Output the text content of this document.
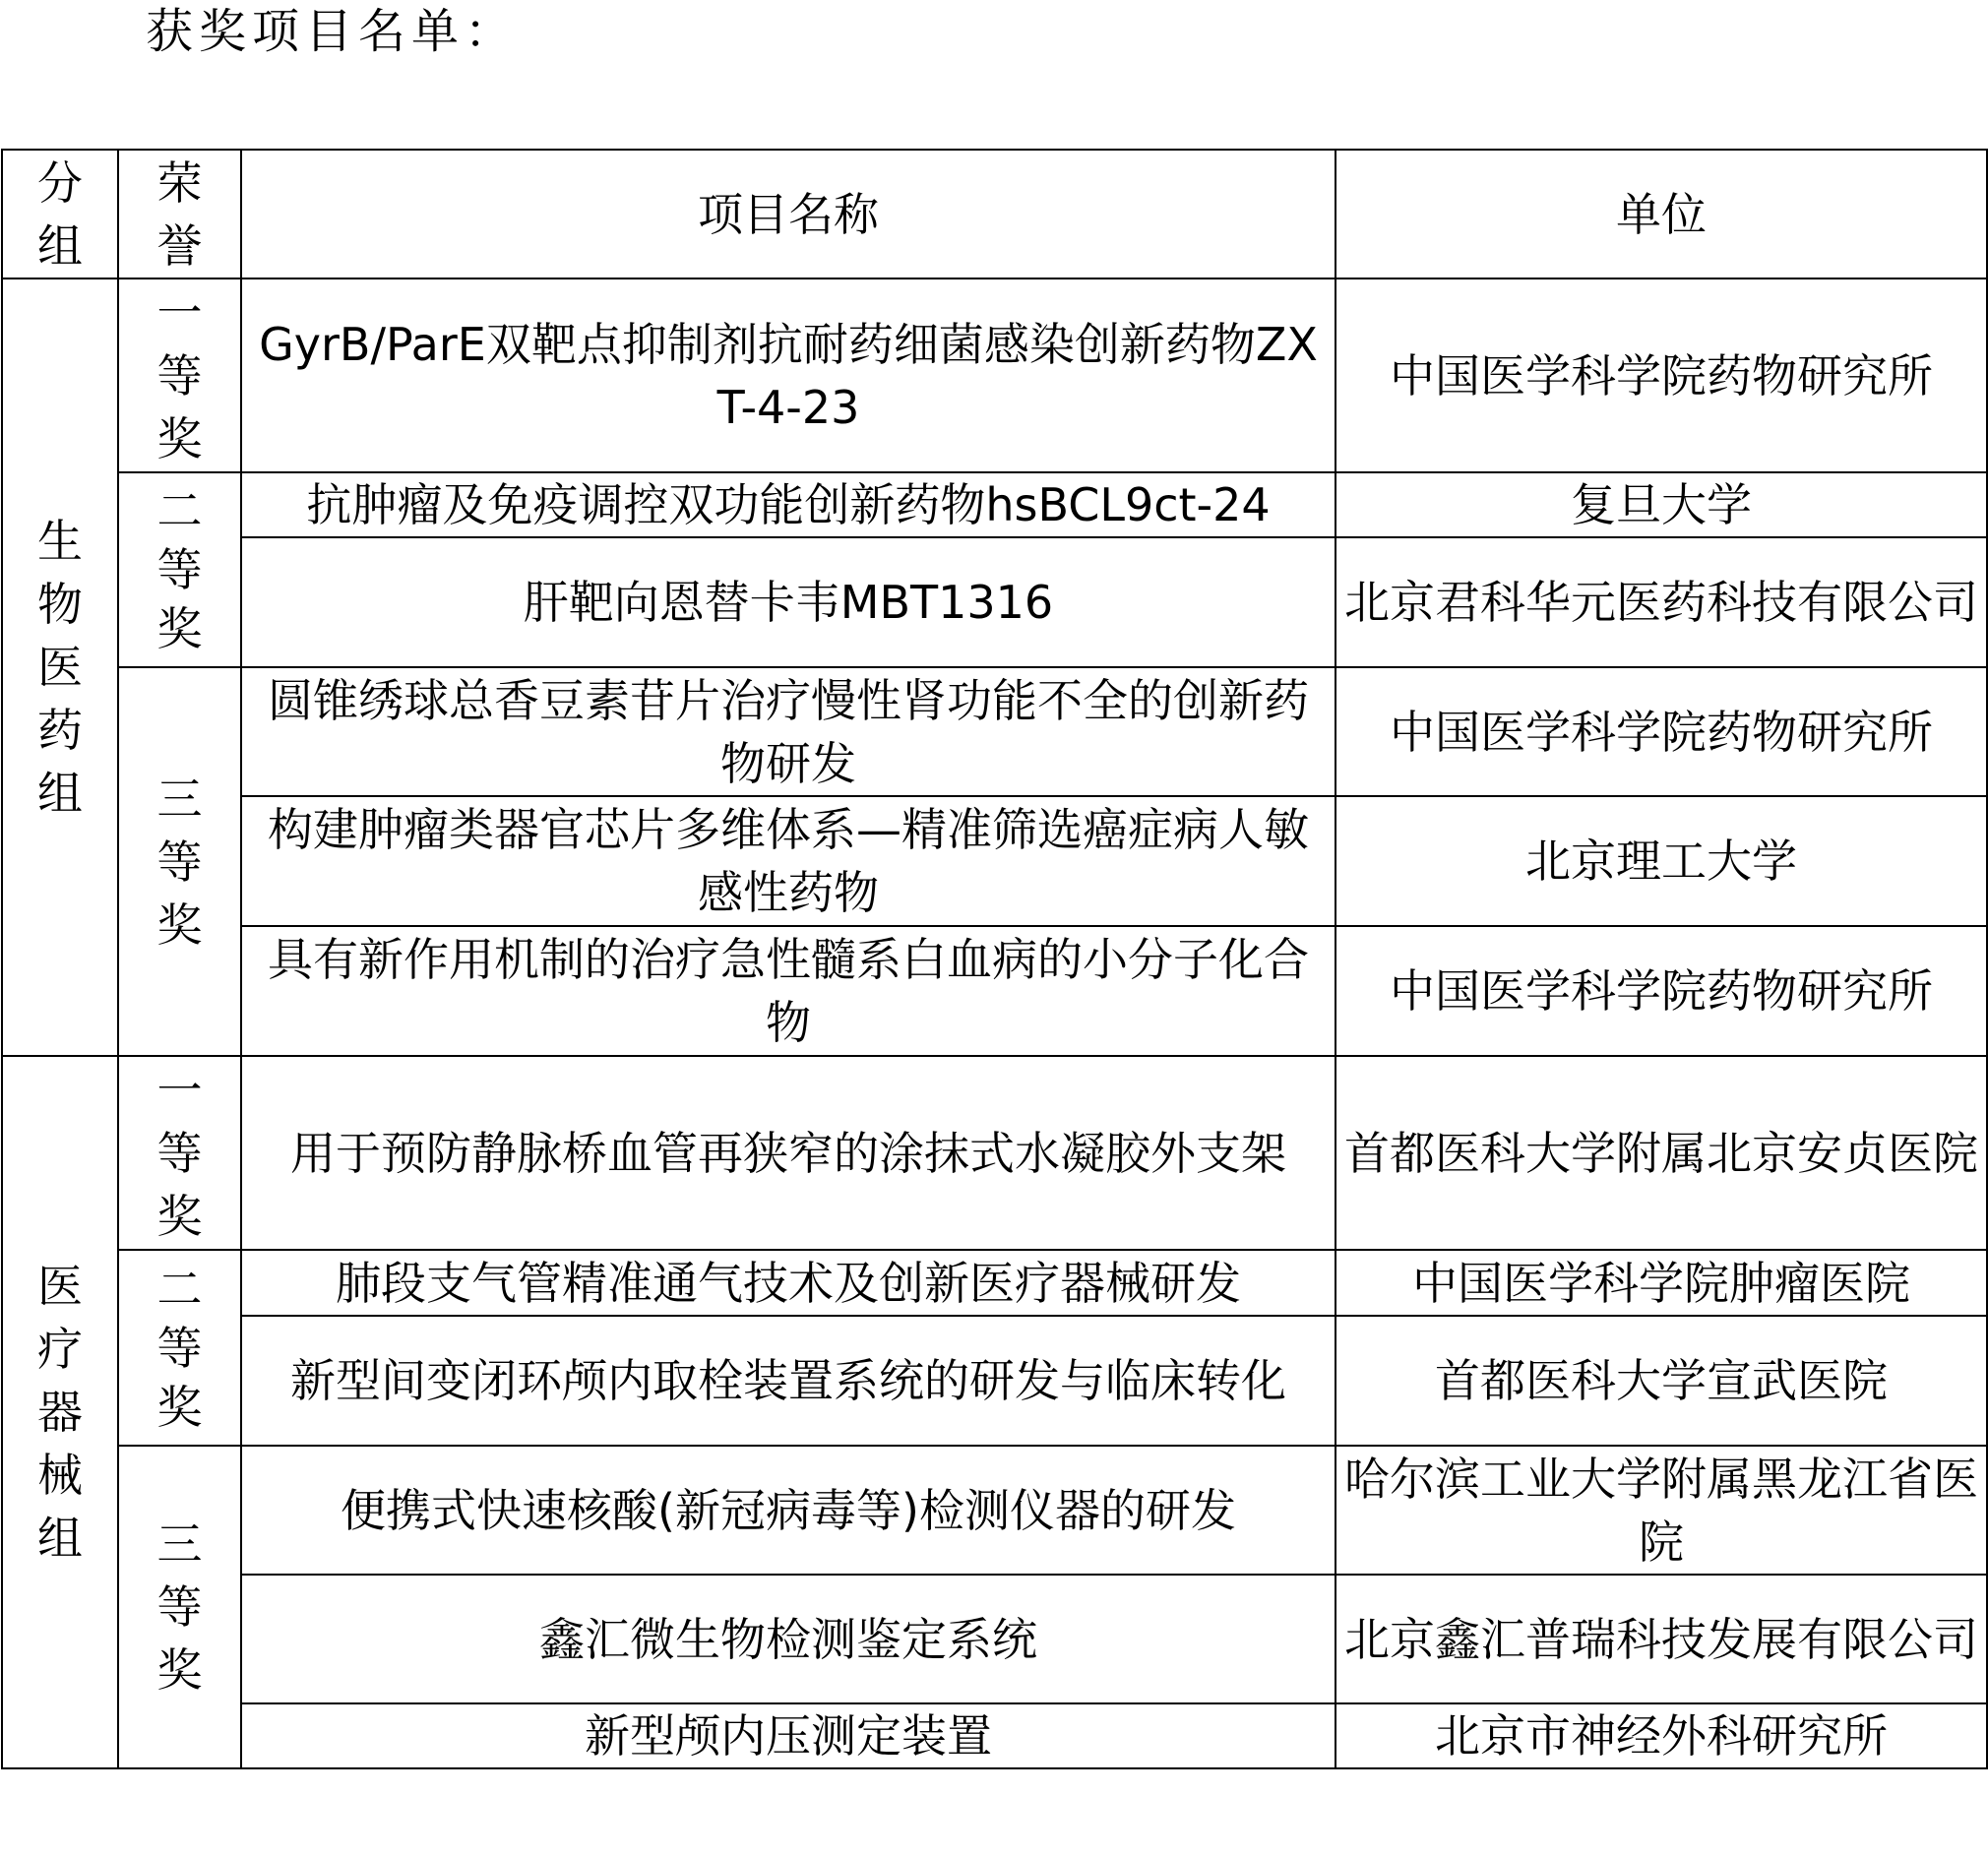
获奖项目名单：
分组	荣誉	项目名称	单位

生物医药组	一等奖	GyrB/ParE双靶点抑制剂抗耐药细菌感染创新药物ZXT-4-23	中国医学科学院药物研究所

	二等奖	抗肿瘤及免疫调控双功能创新药物hsBCL9ct-24	复旦大学
		肝靶向恩替卡韦MBT1316	北京君科华元医药科技有限公司

	三等奖	圆锥绣球总香豆素苷片治疗慢性肾功能不全的创新药物研发	中国医学科学院药物研究所
		构建肿瘤类器官芯片多维体系—精准筛选癌症病人敏感性药物	北京理工大学
		具有新作用机制的治疗急性髓系白血病的小分子化合物	中国医学科学院药物研究所

医疗器械组	一等奖	用于预防静脉桥血管再狭窄的涂抹式水凝胶外支架	首都医科大学附属北京安贞医院

	二等奖	肺段支气管精准通气技术及创新医疗器械研发	中国医学科学院肿瘤医院
		新型间变闭环颅内取栓装置系统的研发与临床转化	首都医科大学宣武医院

	三等奖	便携式快速核酸(新冠病毒等)检测仪器的研发	哈尔滨工业大学附属黑龙江省医院
		鑫汇微生物检测鉴定系统	北京鑫汇普瑞科技发展有限公司
		新型颅内压测定装置	北京市神经外科研究所
